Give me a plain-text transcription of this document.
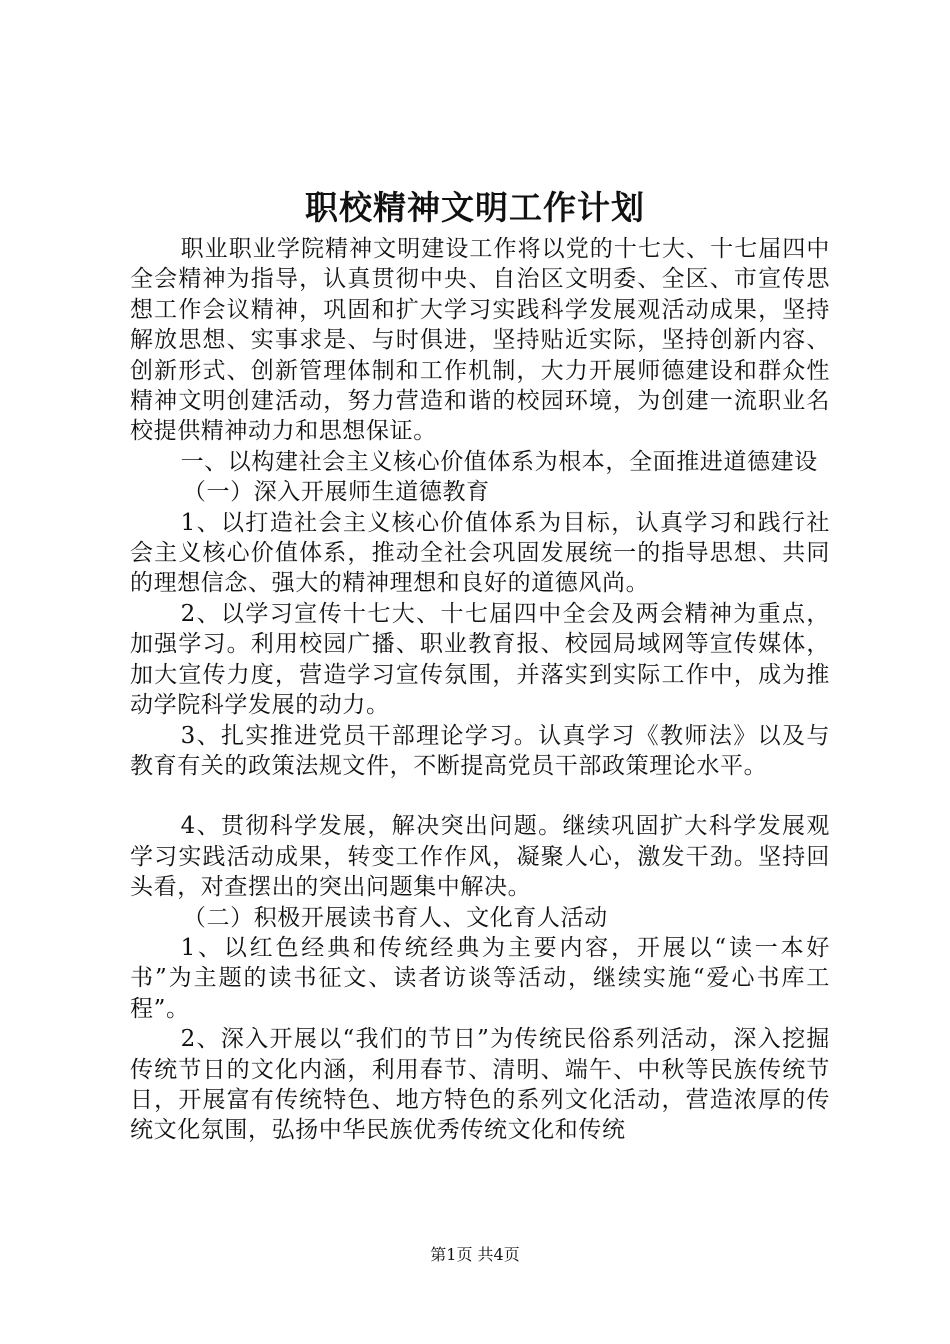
职校精神文明工作计划

职业职业学院精神文明建设工作将以党的十七大、十七届四中全会精神为指导，认真贯彻中央、自治区文明委、全区、市宣传思想工作会议精神，巩固和扩大学习实践科学发展观活动成果，坚持解放思想、实事求是、与时俱进，坚持贴近实际，坚持创新内容、创新形式、创新管理体制和工作机制，大力开展师德建设和群众性精神文明创建活动，努力营造和谐的校园环境，为创建一流职业名校提供精神动力和思想保证。

一、以构建社会主义核心价值体系为根本，全面推进道德建设

（一）深入开展师生道德教育

1、以打造社会主义核心价值体系为目标，认真学习和践行社会主义核心价值体系，推动全社会巩固发展统一的指导思想、共同的理想信念、强大的精神理想和良好的道德风尚。

2、以学习宣传十七大、十七届四中全会及两会精神为重点，加强学习。利用校园广播、职业教育报、校园局域网等宣传媒体，加大宣传力度，营造学习宣传氛围，并落实到实际工作中，成为推动学院科学发展的动力。

3、扎实推进党员干部理论学习。认真学习《教师法》以及与教育有关的政策法规文件，不断提高党员干部政策理论水平。

4、贯彻科学发展，解决突出问题。继续巩固扩大科学发展观学习实践活动成果，转变工作作风，凝聚人心，激发干劲。坚持回头看，对查摆出的突出问题集中解决。

（二）积极开展读书育人、文化育人活动

1、以红色经典和传统经典为主要内容，开展以“读一本好书”为主题的读书征文、读者访谈等活动，继续实施“爱心书库工程”。

2、深入开展以“我们的节日”为传统民俗系列活动，深入挖掘传统节日的文化内涵，利用春节、清明、端午、中秋等民族传统节日，开展富有传统特色、地方特色的系列文化活动，营造浓厚的传统文化氛围，弘扬中华民族优秀传统文化和传统

第1页 共4页
